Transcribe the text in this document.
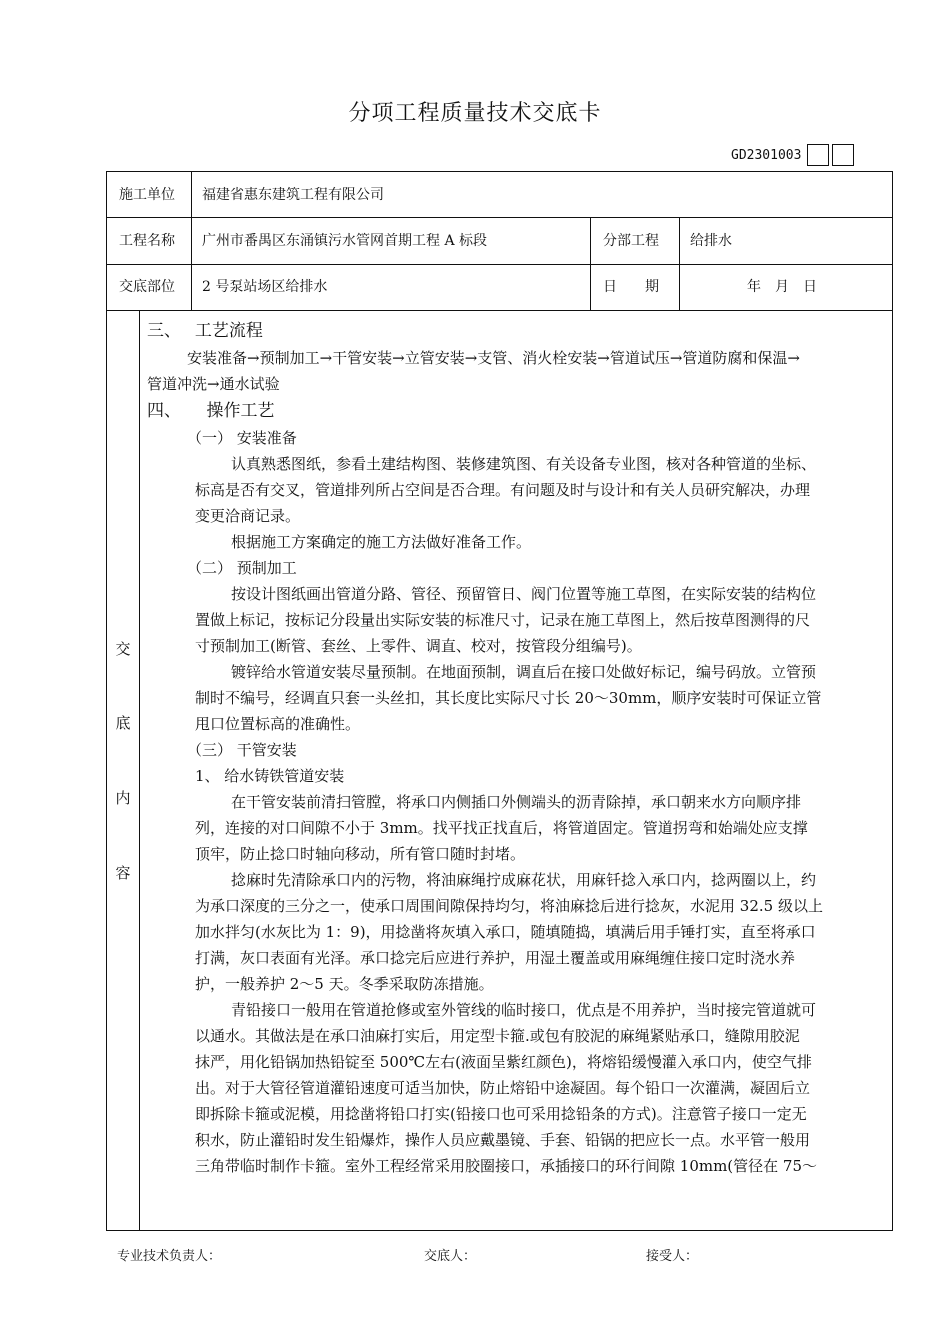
分项工程质量技术交底卡
GD2301003
施工单位 福建省惠东建筑工程有限公司
工程名称 广州市番禺区东涌镇污水管网首期工程 A 标段	分部工程 给排水
交底部位 2 号泵站场区给排水	日　　期	年　月　日
交
底
内
容
三、　 工艺流程
安装准备→预制加工→干管安装→立管安装→支管、消火栓安装→管道试压→管道防腐和保温→
管道冲洗→通水试验
四、　　操作工艺
（一） 安装准备
认真熟悉图纸，参看土建结构图、装修建筑图、有关设备专业图，核对各种管道的坐标、
标高是否有交叉，管道排列所占空间是否合理。有问题及时与设计和有关人员研究解决，办理
变更洽商记录。
根据施工方案确定的施工方法做好准备工作。
（二） 预制加工
按设计图纸画出管道分路、管径、预留管日、阀门位置等施工草图，在实际安装的结构位
置做上标记，按标记分段量出实际安装的标准尺寸，记录在施工草图上，然后按草图测得的尺
寸预制加工(断管、套丝、上零件、调直、校对，按管段分组编号)。
镀锌给水管道安装尽量预制。在地面预制，调直后在接口处做好标记，编号码放。立管预
制时不编号，经调直只套一头丝扣，其长度比实际尺寸长 20～30mm，顺序安装时可保证立管
甩口位置标高的准确性。
（三） 干管安装
1、 给水铸铁管道安装
在干管安装前清扫管膛，将承口内侧插口外侧端头的沥青除掉，承口朝来水方向顺序排
列，连接的对口间隙不小于 3mm。找平找正找直后，将管道固定。管道拐弯和始端处应支撑
顶牢，防止捻口时轴向移动，所有管口随时封堵。
捻麻时先清除承口内的污物，将油麻绳拧成麻花状，用麻钎捻入承口内，捻两圈以上，约
为承口深度的三分之一，使承口周围间隙保持均匀，将油麻捻后进行捻灰，水泥用 32.5 级以上
加水拌匀(水灰比为 1：9)，用捻凿将灰填入承口，随填随捣，填满后用手锤打实，直至将承口
打满，灰口表面有光泽。承口捻完后应进行养护，用湿土覆盖或用麻绳缠住接口定时浇水养
护，一般养护 2～5 天。冬季采取防冻措施。
青铅接口一般用在管道抢修或室外管线的临时接口，优点是不用养护，当时接完管道就可
以通水。其做法是在承口油麻打实后，用定型卡箍.或包有胶泥的麻绳紧贴承口，缝隙用胶泥
抹严，用化铅锅加热铅锭至 500℃左右(液面呈紫红颜色)，将熔铅缓慢灌入承口内，使空气排
出。对于大管径管道灌铅速度可适当加快，防止熔铅中途凝固。每个铅口一次灌满，凝固后立
即拆除卡箍或泥模，用捻凿将铅口打实(铅接口也可采用捻铅条的方式)。注意管子接口一定无
积水，防止灌铅时发生铅爆炸，操作人员应戴墨镜、手套、铅锅的把应长一点。水平管一般用
三角带临时制作卡箍。室外工程经常采用胶圈接口，承插接口的环行间隙 10mm(管径在 75～
专业技术负责人：	交底人：	接受人：
